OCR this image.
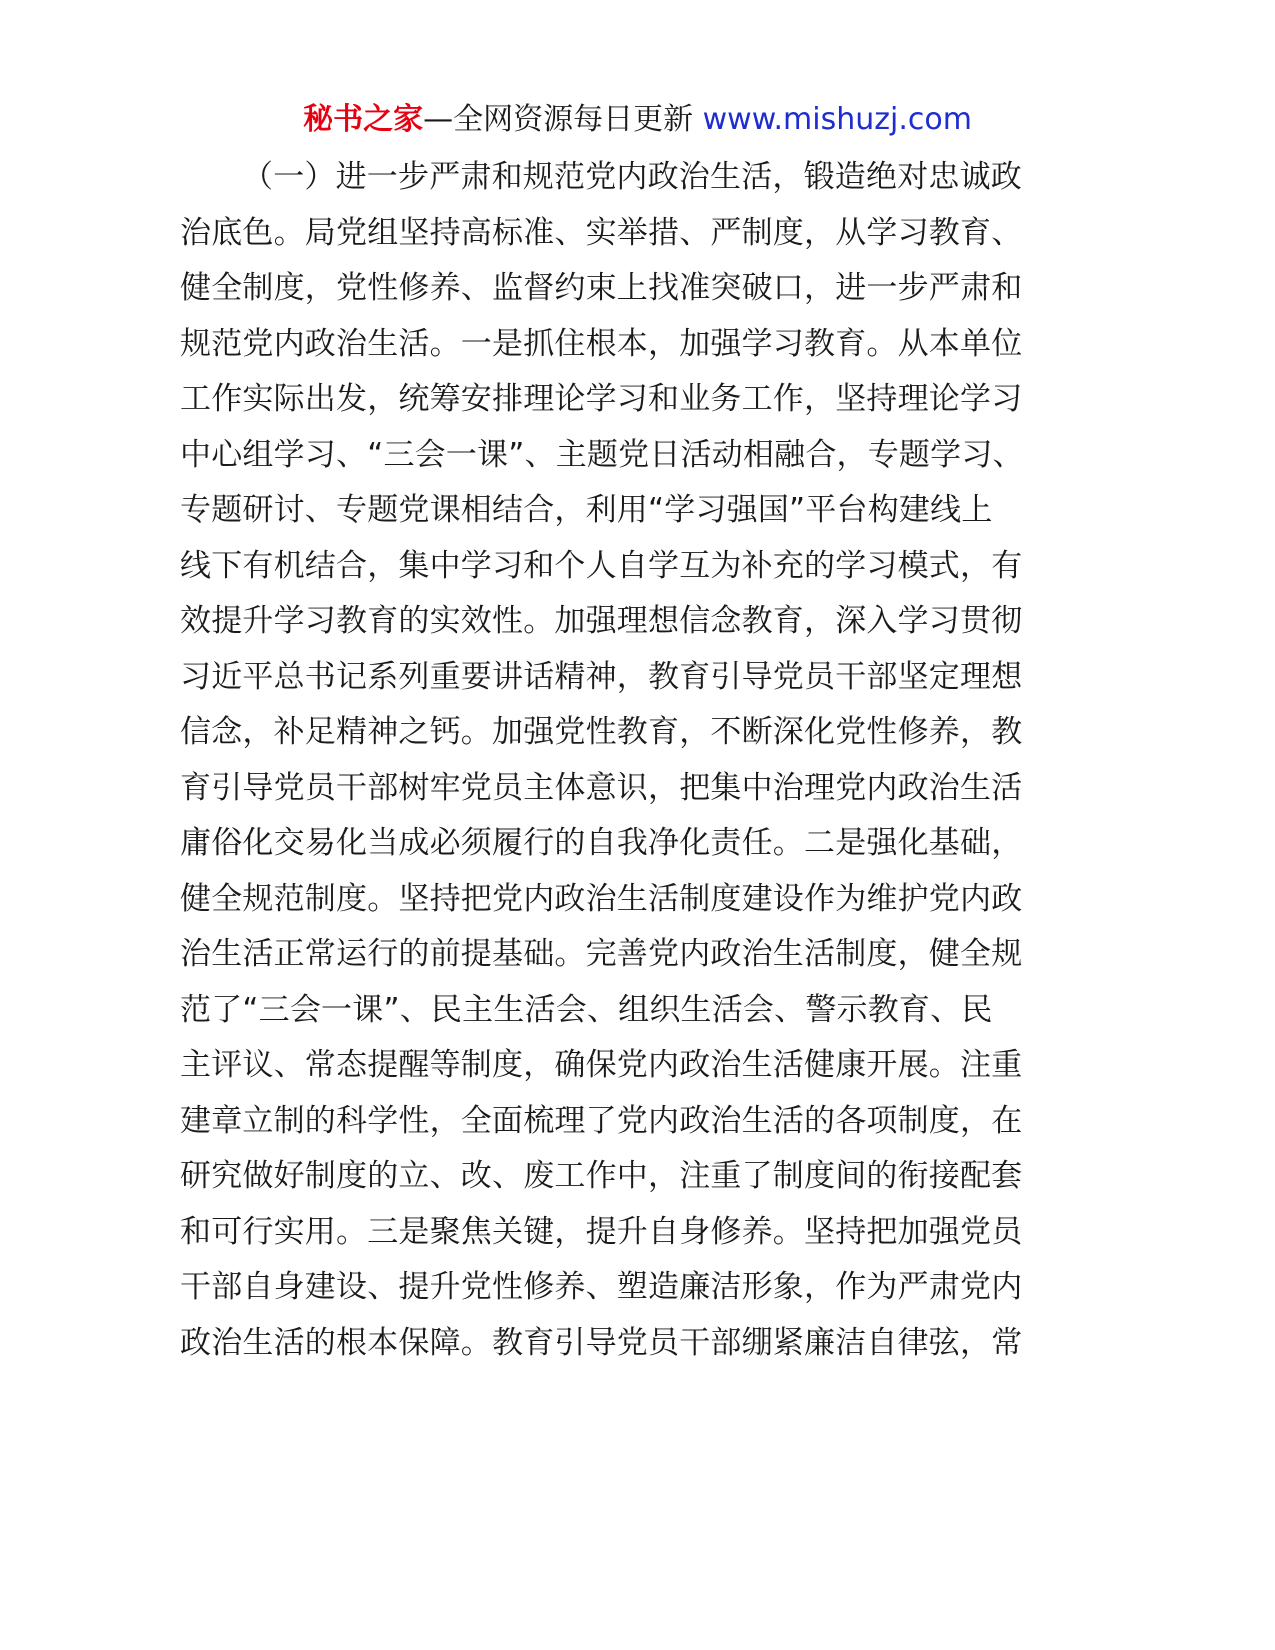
秘书之家—全网资源每日更新 www.mishuzj.com
（一）进一步严肃和规范党内政治生活，锻造绝对忠诚政
治底色。局党组坚持高标准、实举措、严制度，从学习教育、
健全制度，党性修养、监督约束上找准突破口，进一步严肃和
规范党内政治生活。一是抓住根本，加强学习教育。从本单位
工作实际出发，统筹安排理论学习和业务工作，坚持理论学习
中心组学习、“三会一课”、主题党日活动相融合，专题学习、
专题研讨、专题党课相结合，利用“学习强国”平台构建线上
线下有机结合，集中学习和个人自学互为补充的学习模式，有
效提升学习教育的实效性。加强理想信念教育，深入学习贯彻
习近平总书记系列重要讲话精神，教育引导党员干部坚定理想
信念，补足精神之钙。加强党性教育，不断深化党性修养，教
育引导党员干部树牢党员主体意识，把集中治理党内政治生活
庸俗化交易化当成必须履行的自我净化责任。二是强化基础，
健全规范制度。坚持把党内政治生活制度建设作为维护党内政
治生活正常运行的前提基础。完善党内政治生活制度，健全规
范了“三会一课”、民主生活会、组织生活会、警示教育、民
主评议、常态提醒等制度，确保党内政治生活健康开展。注重
建章立制的科学性，全面梳理了党内政治生活的各项制度，在
研究做好制度的立、改、废工作中，注重了制度间的衔接配套
和可行实用。三是聚焦关键，提升自身修养。坚持把加强党员
干部自身建设、提升党性修养、塑造廉洁形象，作为严肃党内
政治生活的根本保障。教育引导党员干部绷紧廉洁自律弦，常
